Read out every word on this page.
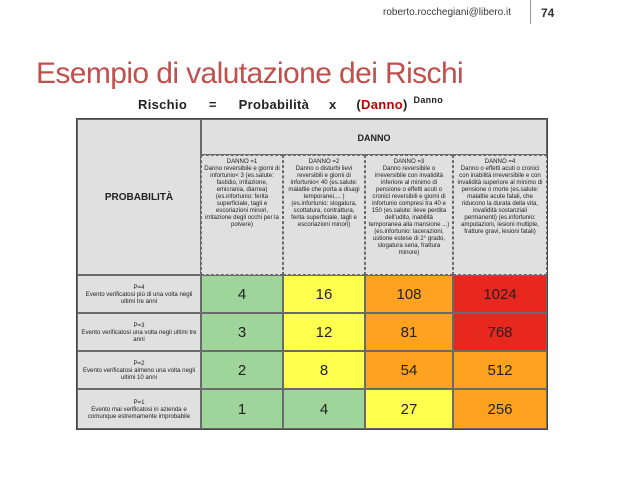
roberto.rocchegiani@libero.it	74
Esempio di valutazione dei Rischi
Rischio = Probabilità x (Danno) Danno
PROBABILITÀ
DANNO
DANNO =1
Danno reversibile e giorni di infortunio< 3 (es.salute: fastidio, irritazione, emicrania, diarrea) (es.infortunio: ferita superficiale, tagli e escoriazioni minori, irritazione degli occhi per la polvere)
DANNO =2
Danno o disturbi lievi reversibili e giorni di infortunio< 40 (es.salute: malattie che porta a disagi temporanei,... ) (es.infortunio: slogatura, scottatura, contrattura, ferita superficiale, tagli e escoriazioni minori)
DANNO =3
Danno reversibile o irreversibile con invalidità inferiore al minimo di pensione o effetti acuti o cronici reversibili e giorni di infortunio compresi tra 40 e 150 (es.salute: lieve perdita dell'udito, inabilità temporanea alla mansione ...) (es.infortunio: lacerazioni, ustione estese di 2° grado, slogatura seria, frattura minore)
DANNO =4
Danno o effetti acuti o cronici con inabilità irreversibile e con invalidità superiore al minimo di pensione o morte (es.salute: malattie acute fatali, che riducono la durata della vita, invalidità sostanziali permanenti) (es.infortunio: amputazioni, lesioni multiple, fratture gravi, lesioni fatali)
P=4
Evento verificatosi più di una volta negli ultimi tre anni	4	16	108	1024
P=3
Evento verificatosi una volta negli ultimi tre anni	3	12	81	768
P=2
Evento verificatosi almeno una volta negli ultimi 10 anni	2	8	54	512
P=1
Evento mai verificatosi in azienda e comunque estremamente improbabile	1	4	27	256
